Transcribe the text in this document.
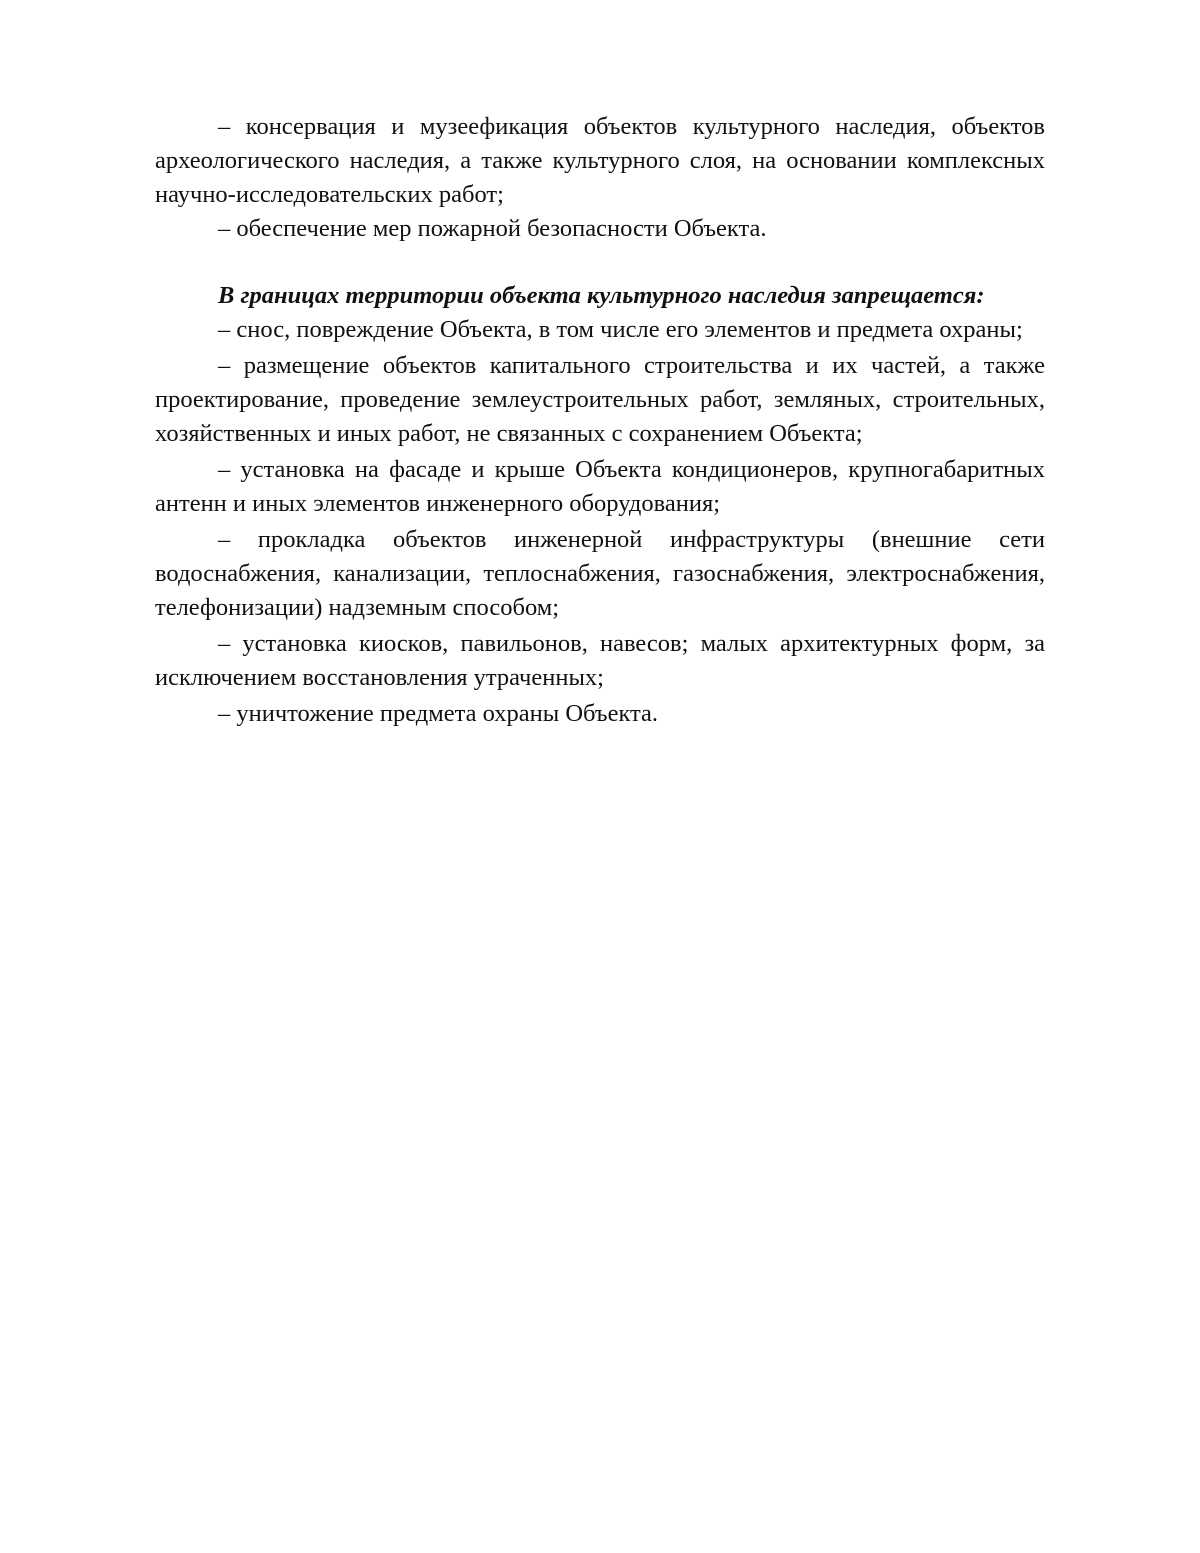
– консервация и музеефикация объектов культурного наследия, объектов археологического наследия, а также культурного слоя, на основании комплексных научно-исследовательских работ;

– обеспечение мер пожарной безопасности Объекта.

В границах территории объекта культурного наследия запрещается:

– снос, повреждение Объекта, в том числе его элементов и предмета охраны;

– размещение объектов капитального строительства и их частей, а также проектирование, проведение землеустроительных работ, земляных, строительных, хозяйственных и иных работ, не связанных с сохранением Объекта;

– установка на фасаде и крыше Объекта кондиционеров, крупногабаритных антенн и иных элементов инженерного оборудования;

– прокладка объектов инженерной инфраструктуры (внешние сети водоснабжения, канализации, теплоснабжения, газоснабжения, электроснабжения, телефонизации) надземным способом;

– установка киосков, павильонов, навесов; малых архитектурных форм, за исключением восстановления утраченных;

– уничтожение предмета охраны Объекта.
